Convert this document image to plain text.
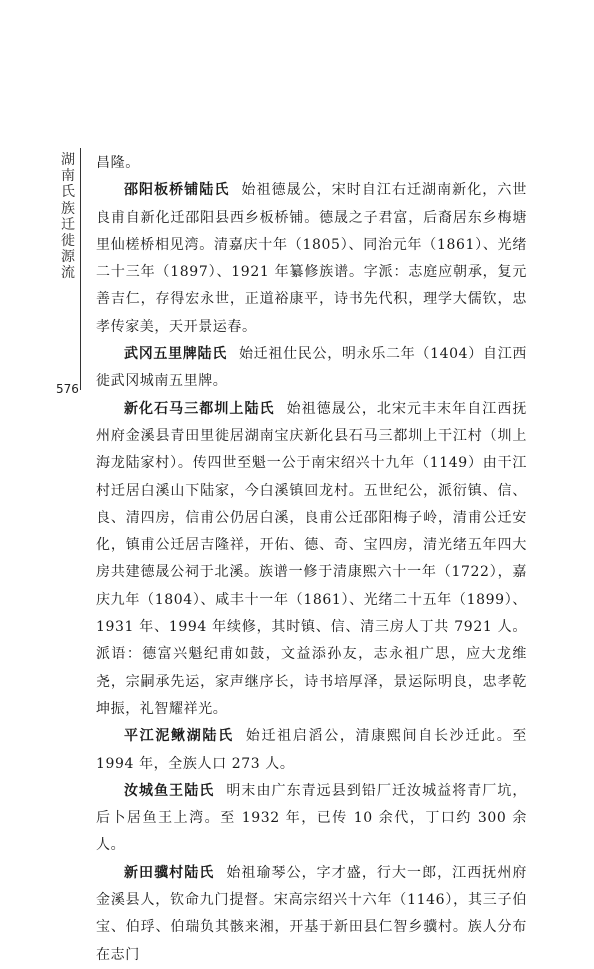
湖南氏族迁徙源流
576

昌隆。

邵阳板桥铺陆氏 始祖德晟公，宋时自江右迁湖南新化，六世良甫自新化迁邵阳县西乡板桥铺。德晟之子君富，后裔居东乡梅塘里仙槎桥相见湾。清嘉庆十年（1805）、同治元年（1861）、光绪二十三年（1897）、1921 年纂修族谱。字派：志庭应朝承，复元善吉仁，存得宏永世，正道裕康平，诗书先代积，理学大儒钦，忠孝传家美，天开景运春。

武冈五里牌陆氏 始迁祖仕民公，明永乐二年（1404）自江西徙武冈城南五里牌。

新化石马三都圳上陆氏 始祖德晟公，北宋元丰末年自江西抚州府金溪县青田里徙居湖南宝庆新化县石马三都圳上干江村（圳上海龙陆家村）。传四世至魁一公于南宋绍兴十九年（1149）由干江村迁居白溪山下陆家，今白溪镇回龙村。五世纪公，派衍镇、信、良、清四房，信甫公仍居白溪，良甫公迁邵阳梅子岭，清甫公迁安化，镇甫公迁居吉隆祥，开佑、德、奇、宝四房，清光绪五年四大房共建德晟公祠于北溪。族谱一修于清康熙六十一年（1722），嘉庆九年（1804）、咸丰十一年（1861）、光绪二十五年（1899）、1931 年、1994 年续修，其时镇、信、清三房人丁共 7921 人。派语：德富兴魁纪甫如鼓，文益添孙友，志永祖广思，应大龙维尧，宗嗣承先运，家声继序长，诗书培厚泽，景运际明良，忠孝乾坤振，礼智耀祥光。

平江泥鳅湖陆氏 始迁祖启滔公，清康熙间自长沙迁此。至 1994 年，全族人口 273 人。

汝城鱼王陆氏 明末由广东青远县到铅厂迁汝城益将青厂坑，后卜居鱼王上湾。至 1932 年，已传 10 余代，丁口约 300 余人。

新田骥村陆氏 始祖瑜琴公，字才盛，行大一郎，江西抚州府金溪县人，钦命九门提督。宋高宗绍兴十六年（1146），其三子伯宝、伯琈、伯瑞负其骸来湘，开基于新田县仁智乡骥村。族人分布在志门
